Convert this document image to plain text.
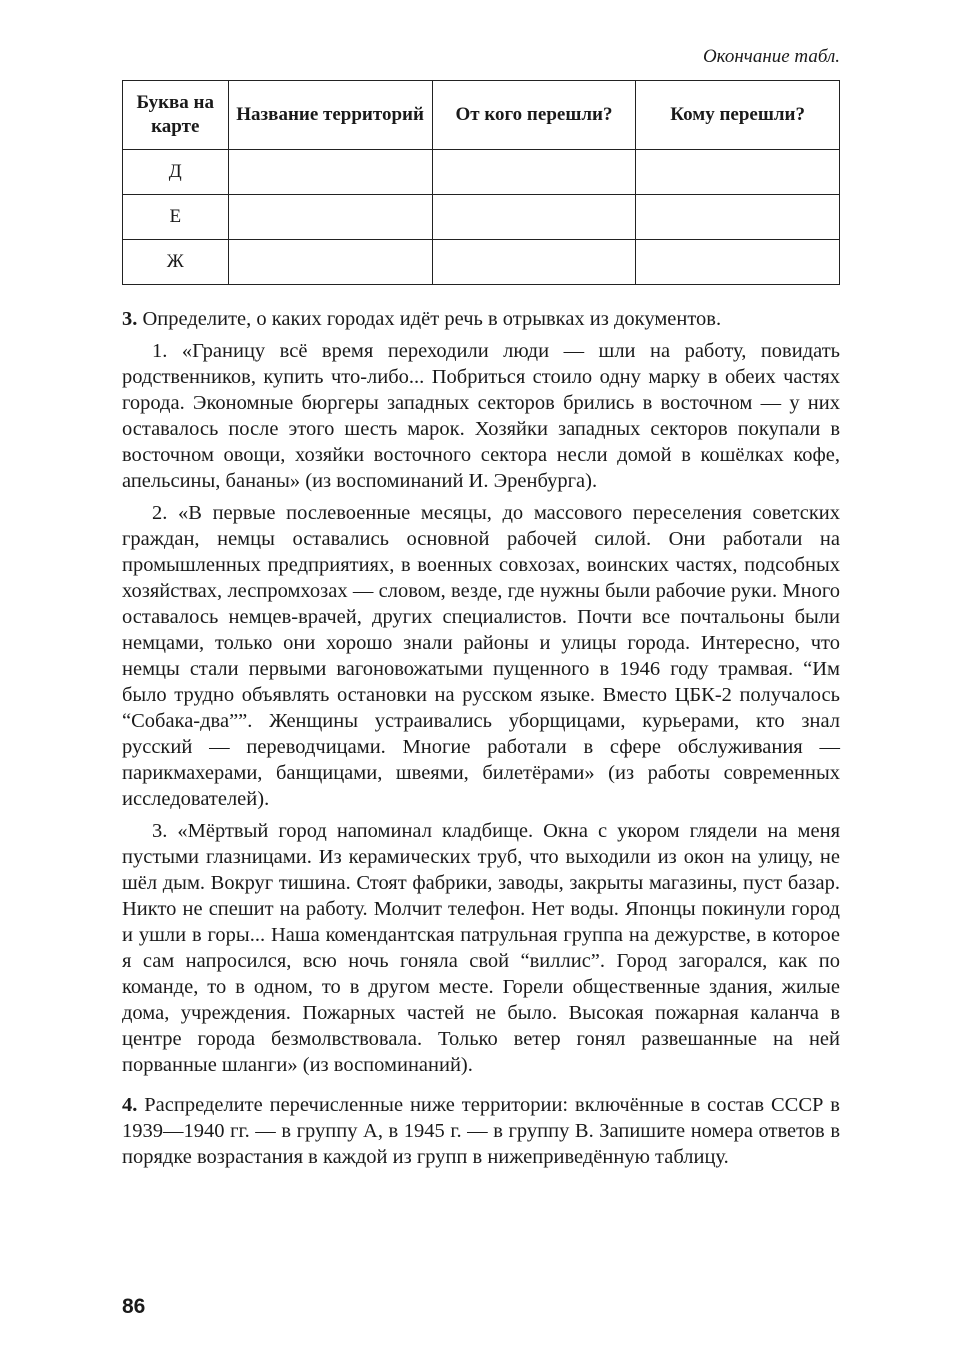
Окончание табл.
Буква на карте	Название территорий	От кого перешли?	Кому перешли?
Д			
Е			
Ж			

3. Определите, о каких городах идёт речь в отрывках из документов.

1. «Границу всё время переходили люди — шли на работу, повидать родственников, купить что-либо... Побриться стоило одну марку в обеих частях города. Экономные бюргеры западных секторов брились в восточном — у них оставалось после этого шесть марок. Хозяйки западных секторов покупали в восточном овощи, хозяйки восточного сектора несли домой в кошёлках кофе, апельсины, бананы» (из воспоминаний И. Эренбурга).

2. «В первые послевоенные месяцы, до массового переселения советских граждан, немцы оставались основной рабочей силой. Они работали на промышленных предприятиях, в военных совхозах, воинских частях, подсобных хозяйствах, леспромхозах — словом, везде, где нужны были рабочие руки. Много оставалось немцев-врачей, других специалистов. Почти все почтальоны были немцами, только они хорошо знали районы и улицы города. Интересно, что немцы стали первыми вагоновожатыми пущенного в 1946 году трамвая. “Им было трудно объявлять остановки на русском языке. Вместо ЦБК-2 получалось “Собака-два””. Женщины устраивались уборщицами, курьерами, кто знал русский — переводчицами. Многие работали в сфере обслуживания — парикмахерами, банщицами, швеями, билетёрами» (из работы современных исследователей).

3. «Мёртвый город напоминал кладбище. Окна с укором глядели на меня пустыми глазницами. Из керамических труб, что выходили из окон на улицу, не шёл дым. Вокруг тишина. Стоят фабрики, заводы, закрыты магазины, пуст базар. Никто не спешит на работу. Молчит телефон. Нет воды. Японцы покинули город и ушли в горы... Наша комендантская патрульная группа на дежурстве, в которое я сам напросился, всю ночь гоняла свой “виллис”. Город загорался, как по команде, то в одном, то в другом месте. Горели общественные здания, жилые дома, учреждения. Пожарных частей не было. Высокая пожарная каланча в центре города безмолвствовала. Только ветер гонял развешанные на ней порванные шланги» (из воспоминаний).

4. Распределите перечисленные ниже территории: включённые в состав СССР в 1939—1940 гг. — в группу А, в 1945 г. — в группу В. Запишите номера ответов в порядке возрастания в каждой из групп в нижеприведённую таблицу.

86
